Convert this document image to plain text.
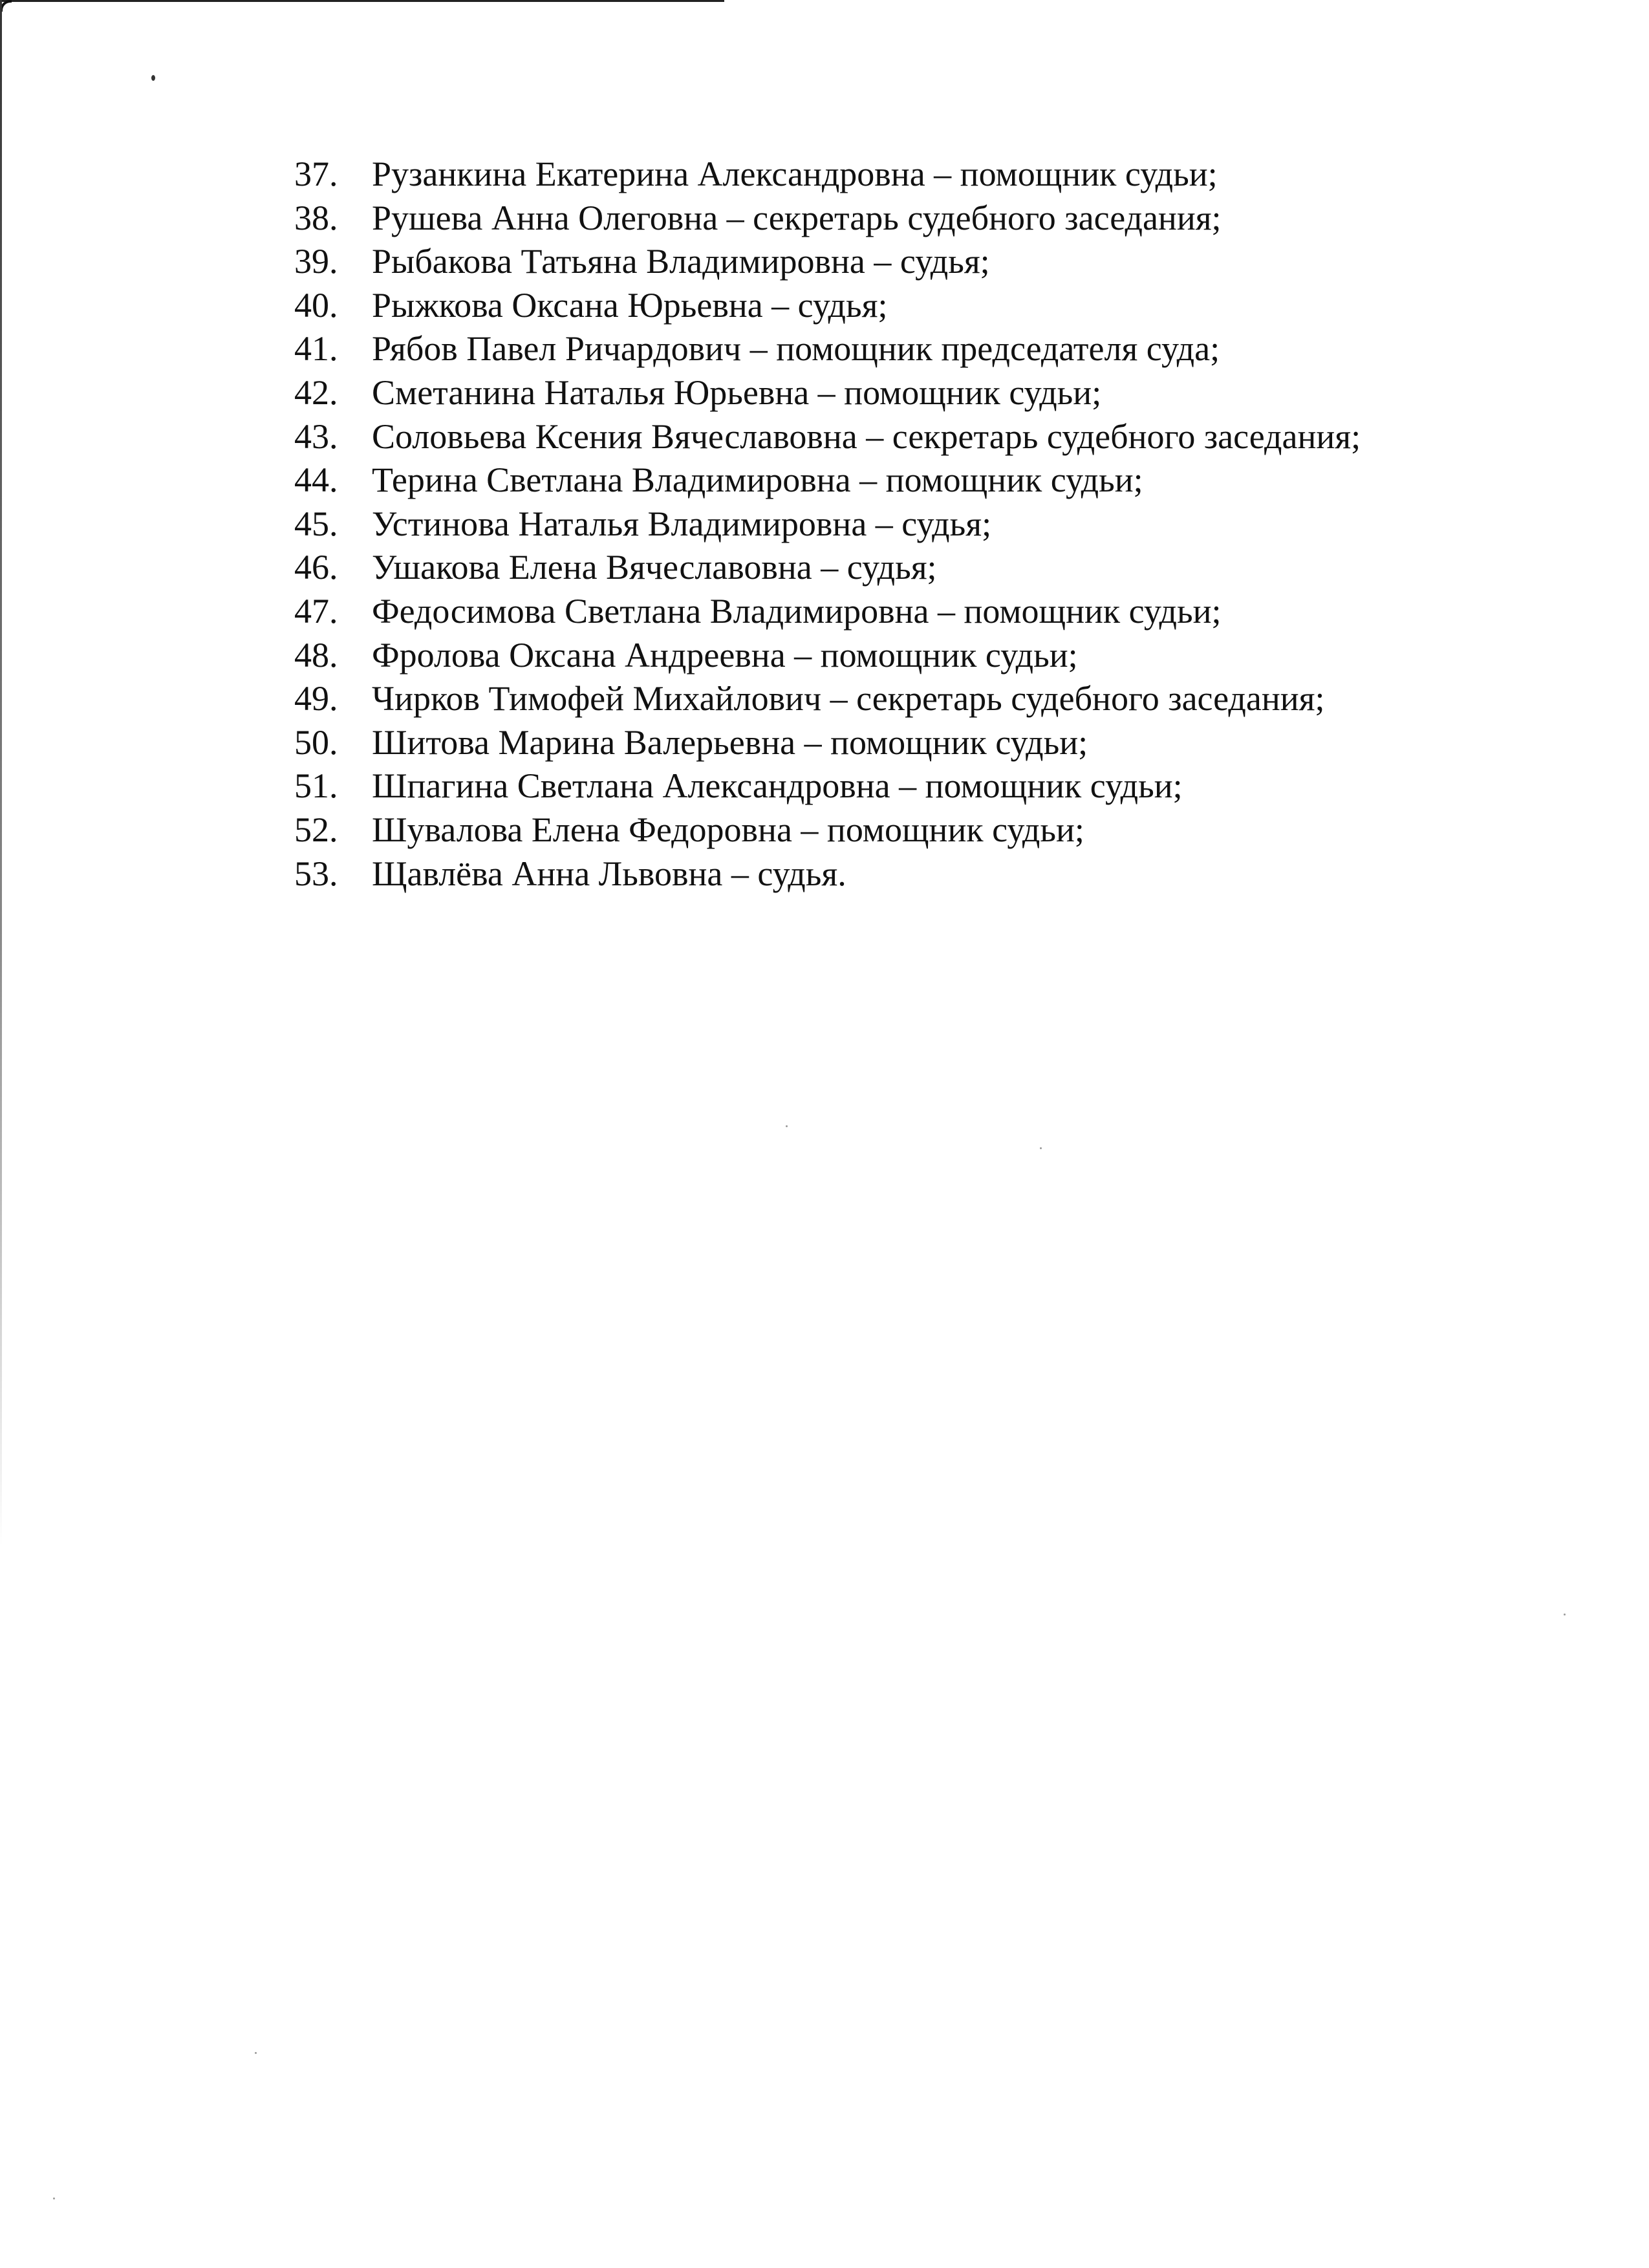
37. Рузанкина Екатерина Александровна – помощник судьи;
38. Рушева Анна Олеговна – секретарь судебного заседания;
39. Рыбакова Татьяна Владимировна – судья;
40. Рыжкова Оксана Юрьевна – судья;
41. Рябов Павел Ричардович – помощник председателя суда;
42. Сметанина Наталья Юрьевна – помощник судьи;
43. Соловьева Ксения Вячеславовна – секретарь судебного заседания;
44. Терина Светлана Владимировна – помощник судьи;
45. Устинова Наталья Владимировна – судья;
46. Ушакова Елена Вячеславовна – судья;
47. Федосимова Светлана Владимировна – помощник судьи;
48. Фролова Оксана Андреевна – помощник судьи;
49. Чирков Тимофей Михайлович – секретарь судебного заседания;
50. Шитова Марина Валерьевна – помощник судьи;
51. Шпагина Светлана Александровна – помощник судьи;
52. Шувалова Елена Федоровна – помощник судьи;
53. Щавлёва Анна Львовна – судья.
